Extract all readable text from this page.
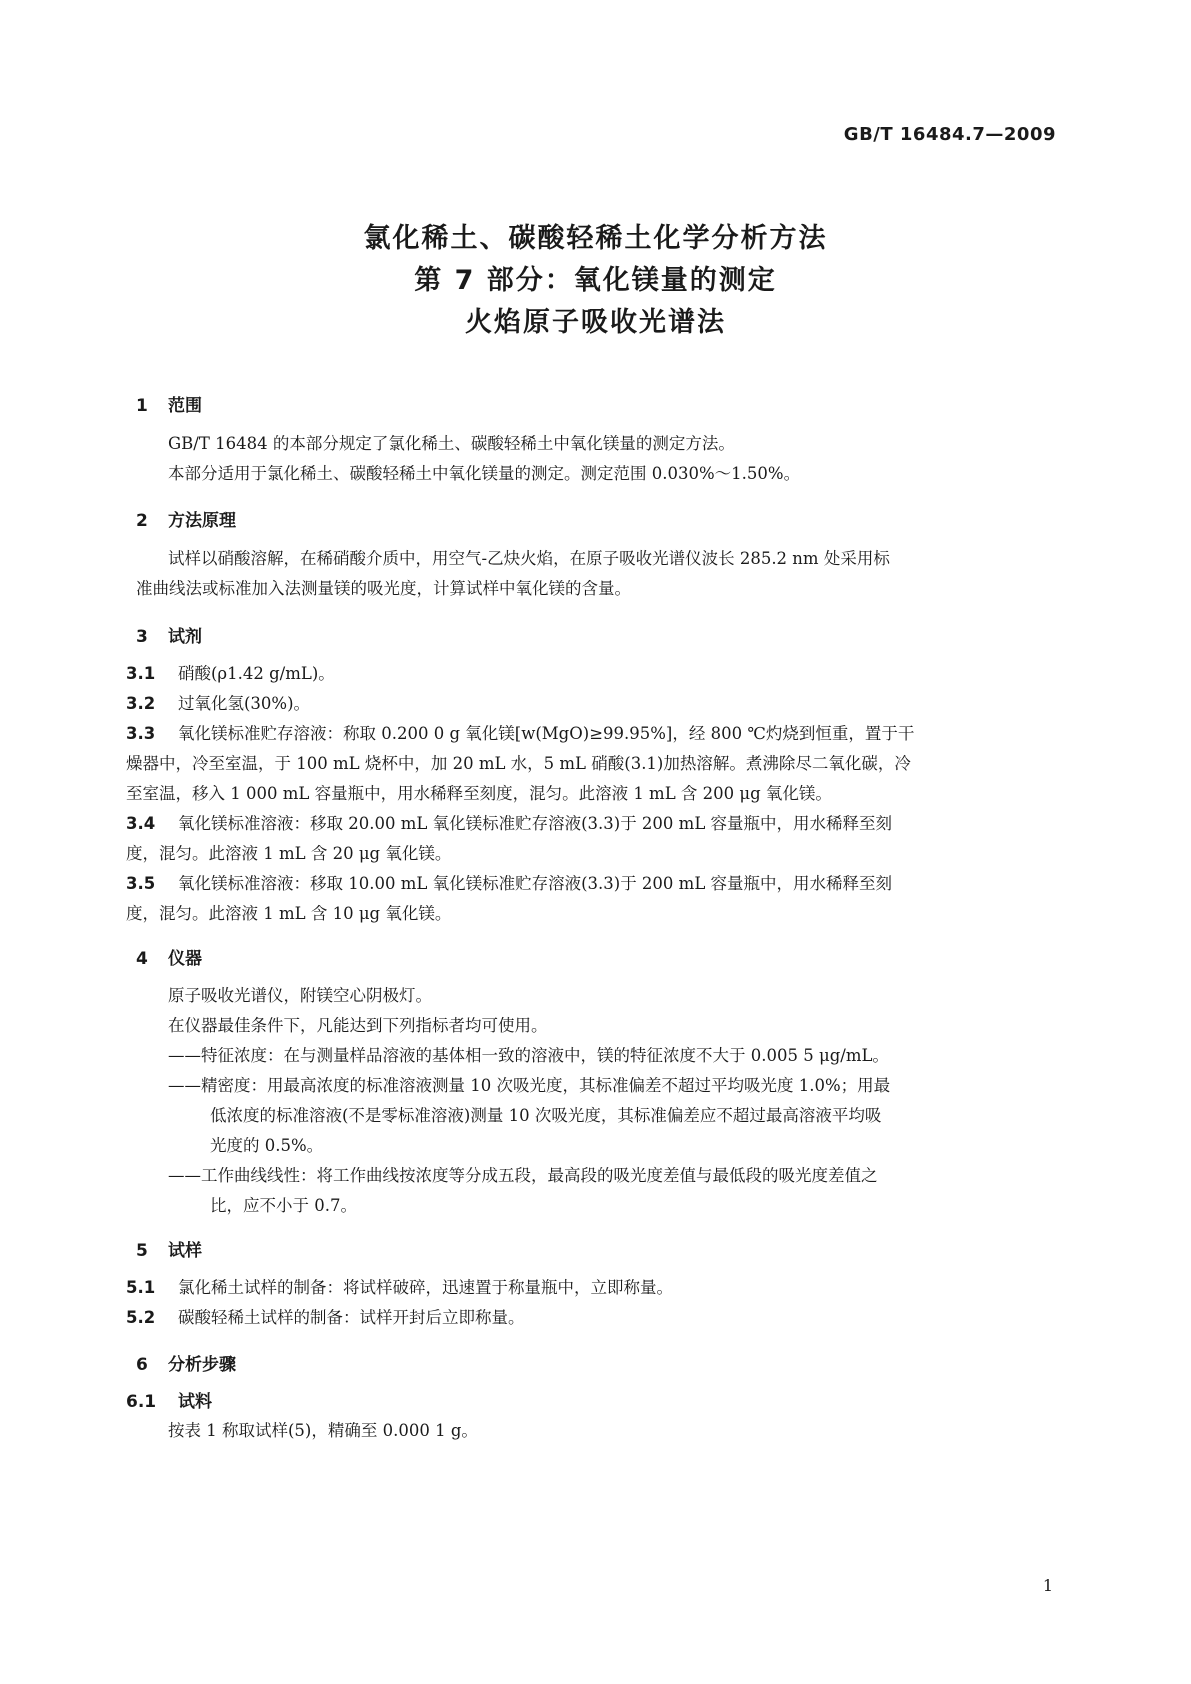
GB/T 16484.7—2009
氯化稀土、碳酸轻稀土化学分析方法
第 7 部分：氧化镁量的测定
火焰原子吸收光谱法
1 范围
GB/T 16484 的本部分规定了氯化稀土、碳酸轻稀土中氧化镁量的测定方法。
本部分适用于氯化稀土、碳酸轻稀土中氧化镁量的测定。测定范围 0.030%～1.50%。
2 方法原理
试样以硝酸溶解，在稀硝酸介质中，用空气-乙炔火焰，在原子吸收光谱仪波长 285.2 nm 处采用标
准曲线法或标准加入法测量镁的吸光度，计算试样中氧化镁的含量。
3 试剂
3.1 硝酸(ρ1.42 g/mL)。
3.2 过氧化氢(30%)。
3.3 氧化镁标准贮存溶液：称取 0.200 0 g 氧化镁[w(MgO)≥99.95%]，经 800 ℃灼烧到恒重，置于干
燥器中，冷至室温，于 100 mL 烧杯中，加 20 mL 水，5 mL 硝酸(3.1)加热溶解。煮沸除尽二氧化碳，冷
至室温，移入 1 000 mL 容量瓶中，用水稀释至刻度，混匀。此溶液 1 mL 含 200 μg 氧化镁。
3.4 氧化镁标准溶液：移取 20.00 mL 氧化镁标准贮存溶液(3.3)于 200 mL 容量瓶中，用水稀释至刻
度，混匀。此溶液 1 mL 含 20 μg 氧化镁。
3.5 氧化镁标准溶液：移取 10.00 mL 氧化镁标准贮存溶液(3.3)于 200 mL 容量瓶中，用水稀释至刻
度，混匀。此溶液 1 mL 含 10 μg 氧化镁。
4 仪器
原子吸收光谱仪，附镁空心阴极灯。
在仪器最佳条件下，凡能达到下列指标者均可使用。
——特征浓度：在与测量样品溶液的基体相一致的溶液中，镁的特征浓度不大于 0.005 5 μg/mL。
——精密度：用最高浓度的标准溶液测量 10 次吸光度，其标准偏差不超过平均吸光度 1.0%；用最
低浓度的标准溶液(不是零标准溶液)测量 10 次吸光度，其标准偏差应不超过最高溶液平均吸
光度的 0.5%。
——工作曲线线性：将工作曲线按浓度等分成五段，最高段的吸光度差值与最低段的吸光度差值之
比，应不小于 0.7。
5 试样
5.1 氯化稀土试样的制备：将试样破碎，迅速置于称量瓶中，立即称量。
5.2 碳酸轻稀土试样的制备：试样开封后立即称量。
6 分析步骤
6.1 试料
按表 1 称取试样(5)，精确至 0.000 1 g。
1
